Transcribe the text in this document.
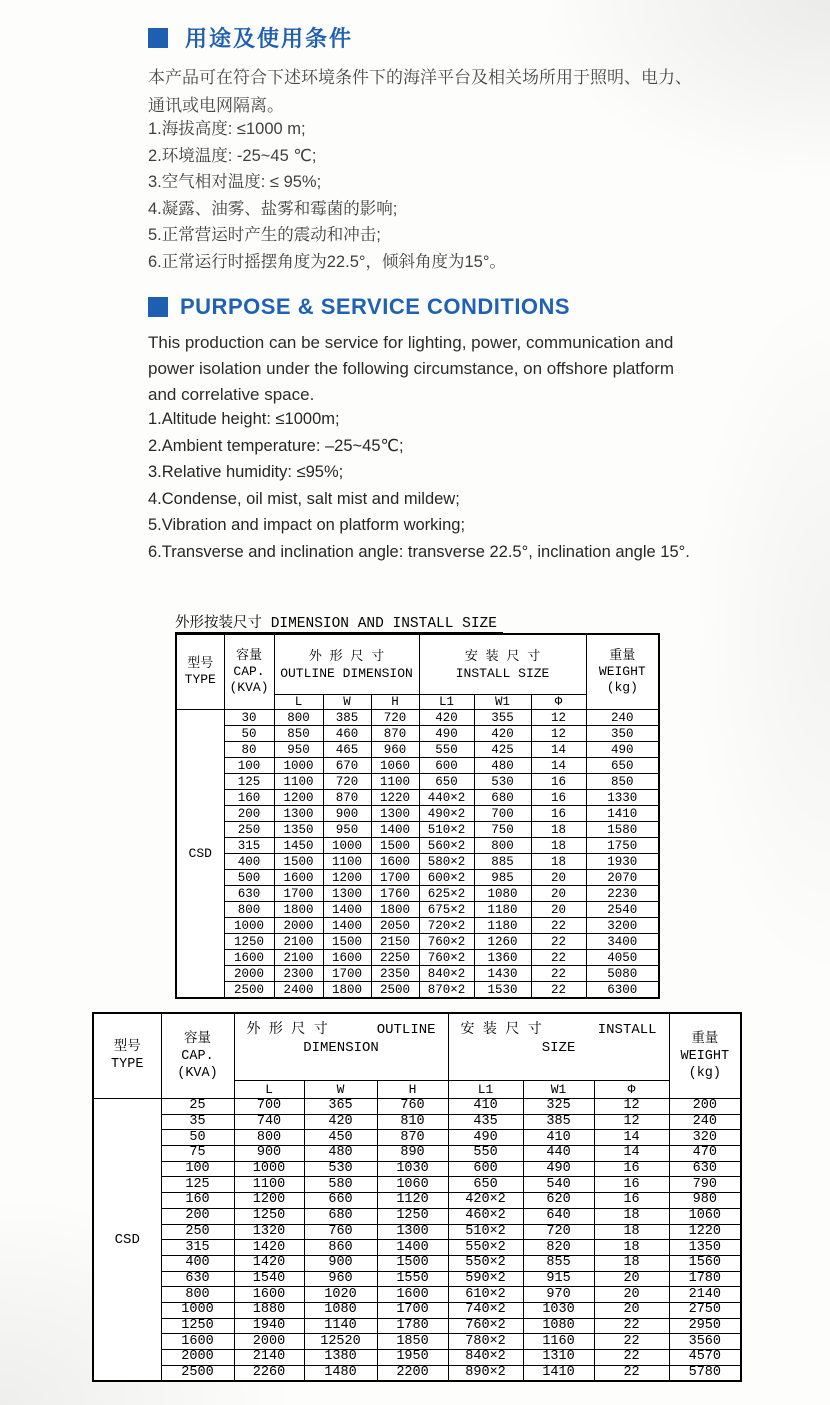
用途及使用条件

本产品可在符合下述环境条件下的海洋平台及相关场所用于照明、电力、
通讯或电网隔离。

1.海拔高度: ≤1000 m;
2.环境温度: -25~45 ℃;
3.空气相对温度: ≤ 95%;
4.凝露、油雾、盐雾和霉菌的影响;
5.正常营运时产生的震动和冲击;
6.正常运行时摇摆角度为22.5°，倾斜角度为15°。
PURPOSE & SERVICE CONDITIONS

This production can be service for lighting, power, communication and
power isolation under the following circumstance, on offshore platform
and correlative space.

1.Altitude height: ≤1000m;
2.Ambient temperature: –25~45℃;
3.Relative humidity: ≤95%;
4.Condense, oil mist, salt mist and mildew;
5.Vibration and impact on platform working;
6.Transverse and inclination angle: transverse 22.5°, inclination angle 15°.
外形按装尺寸 DIMENSION AND INSTALL SIZE
型号
TYPE	容量
CAP.
(KVA)	外 形 尺 寸
OUTLINE DIMENSION			安 装 尺 寸
INSTALL SIZE			重量
WEIGHT
(kg)
		L	W	H	L1	W1	Φ	
CSD	30	800	385	720	420	355	12	240
	50	850	460	870	490	420	12	350
	80	950	465	960	550	425	14	490
	100	1000	670	1060	600	480	14	650
	125	1100	720	1100	650	530	16	850
	160	1200	870	1220	440×2	680	16	1330
	200	1300	900	1300	490×2	700	16	1410
	250	1350	950	1400	510×2	750	18	1580
	315	1450	1000	1500	560×2	800	18	1750
	400	1500	1100	1600	580×2	885	18	1930
	500	1600	1200	1700	600×2	985	20	2070
	630	1700	1300	1760	625×2	1080	20	2230
	800	1800	1400	1800	675×2	1180	20	2540
	1000	2000	1400	2050	720×2	1180	22	3200
	1250	2100	1500	2150	760×2	1260	22	3400
	1600	2100	1600	2250	760×2	1360	22	4050
	2000	2300	1700	2350	840×2	1430	22	5080
	2500	2400	1800	2500	870×2	1530	22	6300
型号
TYPE	容量
CAP.
(KVA)	
外 形 尺 寸	OUTLINE
DIMENSION

安 装 尺 寸	INSTALL
SIZE
	重量
WEIGHT
(kg)
		L	W	H	L1	W1	Φ	
CSD	25	700	365	760	410	325	12	200
	35	740	420	810	435	385	12	240
	50	800	450	870	490	410	14	320
	75	900	480	890	550	440	14	470
	100	1000	530	1030	600	490	16	630
	125	1100	580	1060	650	540	16	790
	160	1200	660	1120	420×2	620	16	980
	200	1250	680	1250	460×2	640	18	1060
	250	1320	760	1300	510×2	720	18	1220
	315	1420	860	1400	550×2	820	18	1350
	400	1420	900	1500	550×2	855	18	1560
	630	1540	960	1550	590×2	915	20	1780
	800	1600	1020	1600	610×2	970	20	2140
	1000	1880	1080	1700	740×2	1030	20	2750
	1250	1940	1140	1780	760×2	1080	22	2950
	1600	2000	12520	1850	780×2	1160	22	3560
	2000	2140	1380	1950	840×2	1310	22	4570
	2500	2260	1480	2200	890×2	1410	22	5780
